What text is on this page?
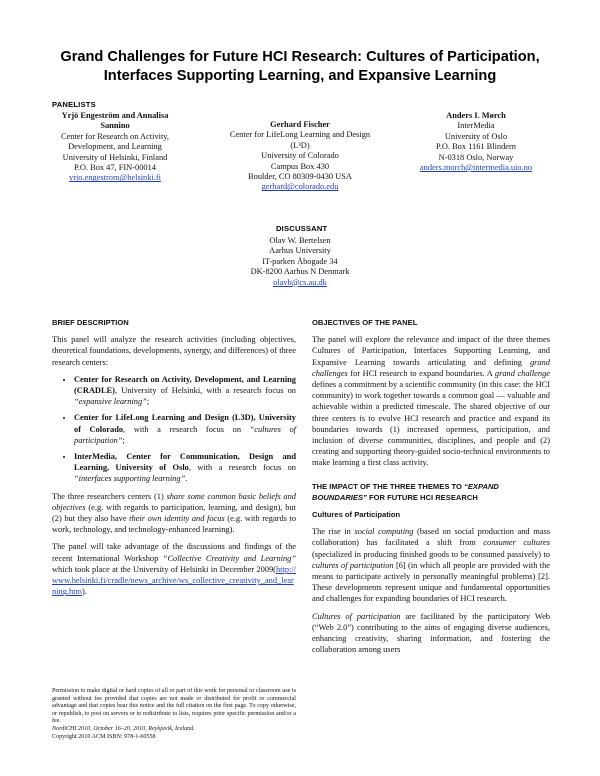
Grand Challenges for Future HCI Research: Cultures of Participation, Interfaces Supporting Learning, and Expansive Learning
PANELISTS
Yrjö Engeström and Annalisa Sannino
Center for Research on Activity, Development, and Learning
University of Helsinki, Finland
P.O. Box 47, FIN-00014
yrjo.engestrom@helsinki.fi
Gerhard Fischer
Center for LifeLong Learning and Design (L³D)
University of Colorado
Campus Box 430
Boulder, CO 80309-0430 USA
gerhard@colorado.edu
Anders I. Mørch
InterMedia
University of Oslo
P.O. Box 1161 Blindern
N-0318 Oslo, Norway
anders.morch@intermedia.uio.no
DISCUSSANT
Olav W. Bertelsen
Aarhus University
IT-parken Åbogade 34
DK-8200 Aarhus N Denmark
olavb@cs.au.dk
BRIEF DESCRIPTION

This panel will analyze the research activities (including objectives, theoretical foundations, developments, synergy, and differences) of three research centers:

• Center for Research on Activity, Development, and Learning (CRADLE), University of Helsinki, with a research focus on “expansive learning”;
• Center for LifeLong Learning and Design (L3D), University of Colorado, with a research focus on “cultures of participation”;
• InterMedia, Center for Communication, Design and Learning, University of Oslo, with a research focus on “interfaces supporting learning”.

The three researchers centers (1) share some common basic beliefs and objectives (e.g. with regards to participation, learning, and design), but (2) but they also have their own identity and focus (e.g. with regards to work, technology, and technology-enhanced learning).

The panel will take advantage of the discussions and findings of the recent International Workshop “Collective Creativity and Learning” which took place at the University of Helsinki in December 2009(http://www.helsinki.fi/cradle/news_archive/ws_collective_creativity_and_learning.htm).

Permission to make digital or hard copies of all or part of this work for personal or classroom use is granted without fee provided that copies are not made or distributed for profit or commercial advantage and that copies bear this notice and the full citation on the first page. To copy otherwise, or republish, to post on servers or to redistribute to lists, requires prior specific permission and/or a fee.
NordiCHI 2010, October 16–20, 2010, Reykjavik, Iceland.
Copyright 2010 ACM ISBN: 978-1-60558
OBJECTIVES OF THE PANEL

The panel will explore the relevance and impact of the three themes Cultures of Participation, Interfaces Supporting Learning, and Expansive Learning towards articulating and defining grand challenges for HCI research to expand boundaries. A grand challenge defines a commitment by a scientific community (in this case: the HCI community) to work together towards a common goal — valuable and achievable within a predicted timescale. The shared objective of our three centers is to evolve HCI research and practice and expand its boundaries towards (1) increased openness, participation, and inclusion of diverse communities, disciplines, and people and (2) creating and supporting theory-guided socio-technical environments to make learning a first class activity.

THE IMPACT OF THE THREE THEMES TO “EXPAND BOUNDARIES” FOR FUTURE HCI RESEARCH
Cultures of Participation

The rise in social computing (based on social production and mass collaboration) has facilitated a shift from consumer cultures (specialized in producing finished goods to be consumed passively) to cultures of participation [6] (in which all people are provided with the means to participate actively in personally meaningful problems) [2]. These developments represent unique and fundamental opportunities and challenges for expanding boundaries of HCI research.

Cultures of participation are facilitated by the participatory Web (“Web 2.0”) contributing to the aims of engaging diverse audiences, enhancing creativity, sharing information, and fostering the collaboration among users
